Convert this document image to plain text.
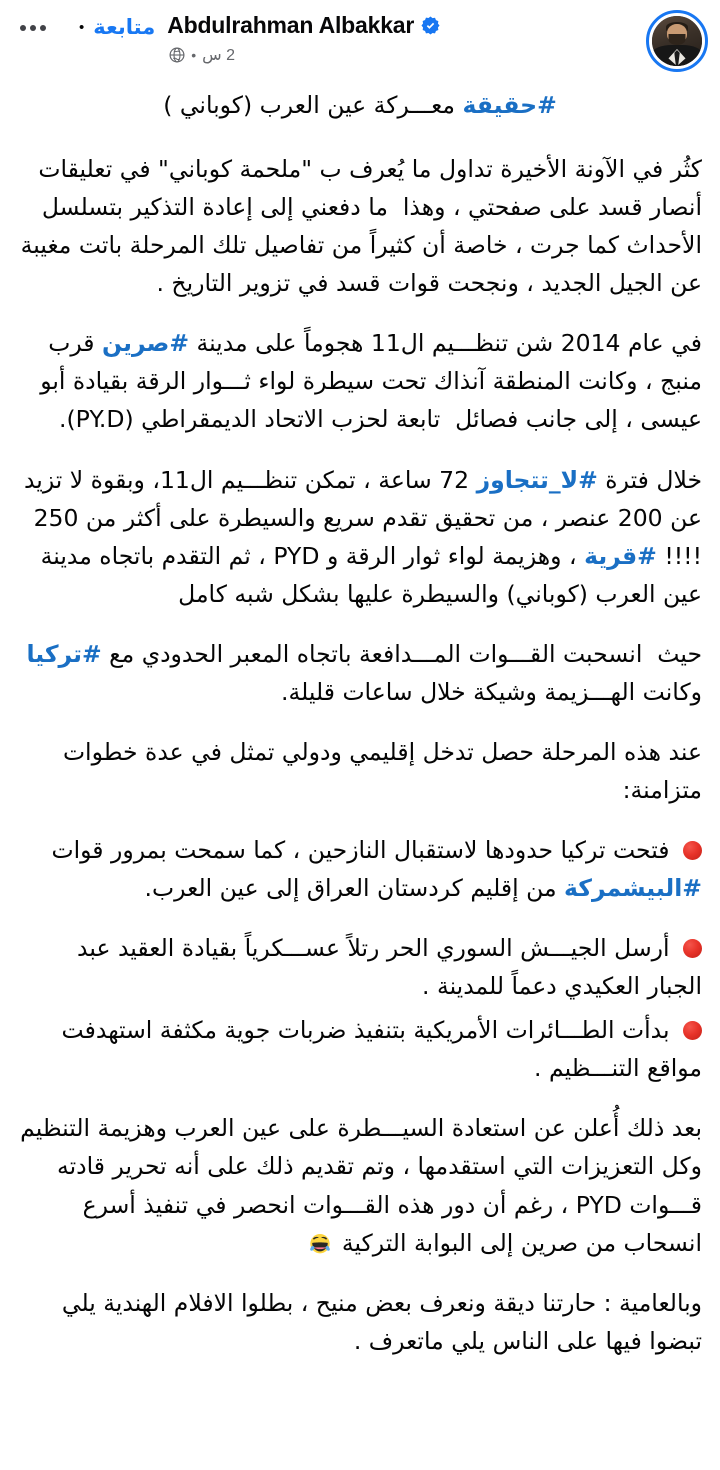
Abdulrahman Albakkar
2 س
•
متابعة
•
#حقيقة معـــركة عين العرب (كوباني )

كثُر في الآونة الأخيرة تداول ما يُعرف ب "ملحمة كوباني" في تعليقات أنصار قسد على صفحتي ، وهذا  ما دفعني إلى إعادة التذكير بتسلسل الأحداث كما جرت ، خاصة أن كثيراً من تفاصيل تلك المرحلة باتت مغيبة عن الجيل الجديد ، ونجحت قوات قسد في تزوير التاريخ .

في عام 2014 شن تنظـــيم ال11 هجوماً على مدينة #صرين قرب منبج ، وكانت المنطقة آنذاك تحت سيطرة لواء ثـــوار الرقة بقيادة أبو عيسى ، إلى جانب فصائل  تابعة لحزب الاتحاد الديمقراطي (PY.D).

خلال فترة #لا_تتجاوز 72 ساعة ، تمكن تنظـــيم ال11، وبقوة لا تزيد عن 200 عنصر ، من تحقيق تقدم سريع والسيطرة على أكثر من 250 !!!! #قرية ، وهزيمة لواء ثوار الرقة و PYD ، ثم التقدم باتجاه مدينة  عين العرب (كوباني) والسيطرة عليها بشكل شبه كامل

حيث  انسحبت القـــوات المـــدافعة باتجاه المعبر الحدودي مع #تركيا وكانت الهـــزيمة وشيكة خلال ساعات قليلة.

عند هذه المرحلة حصل تدخل إقليمي ودولي تمثل في عدة خطوات متزامنة:

فتحت تركيا حدودها لاستقبال النازحين ، كما سمحت بمرور قوات #البيشمركة من إقليم كردستان العراق إلى عين العرب.

أرسل الجيـــش السوري الحر رتلاً عســـكرياً بقيادة العقيد عبد الجبار العكيدي دعماً للمدينة .

بدأت الطـــائرات الأمريكية بتنفيذ ضربات جوية مكثفة استهدفت مواقع التنـــظيم .

بعد ذلك أُعلن عن استعادة السيـــطرة على عين العرب وهزيمة التنظيم وكل التعزيزات التي استقدمها ، وتم تقديم ذلك على أنه تحرير قادته قـــوات PYD ، رغم أن دور هذه القـــوات انحصر في تنفيذ أسرع انسحاب من صرين إلى البوابة التركية

وبالعامية : حارتنا ديقة ونعرف بعض منيح ، بطلوا الافلام الهندية يلي تبضوا فيها على الناس يلي ماتعرف .
